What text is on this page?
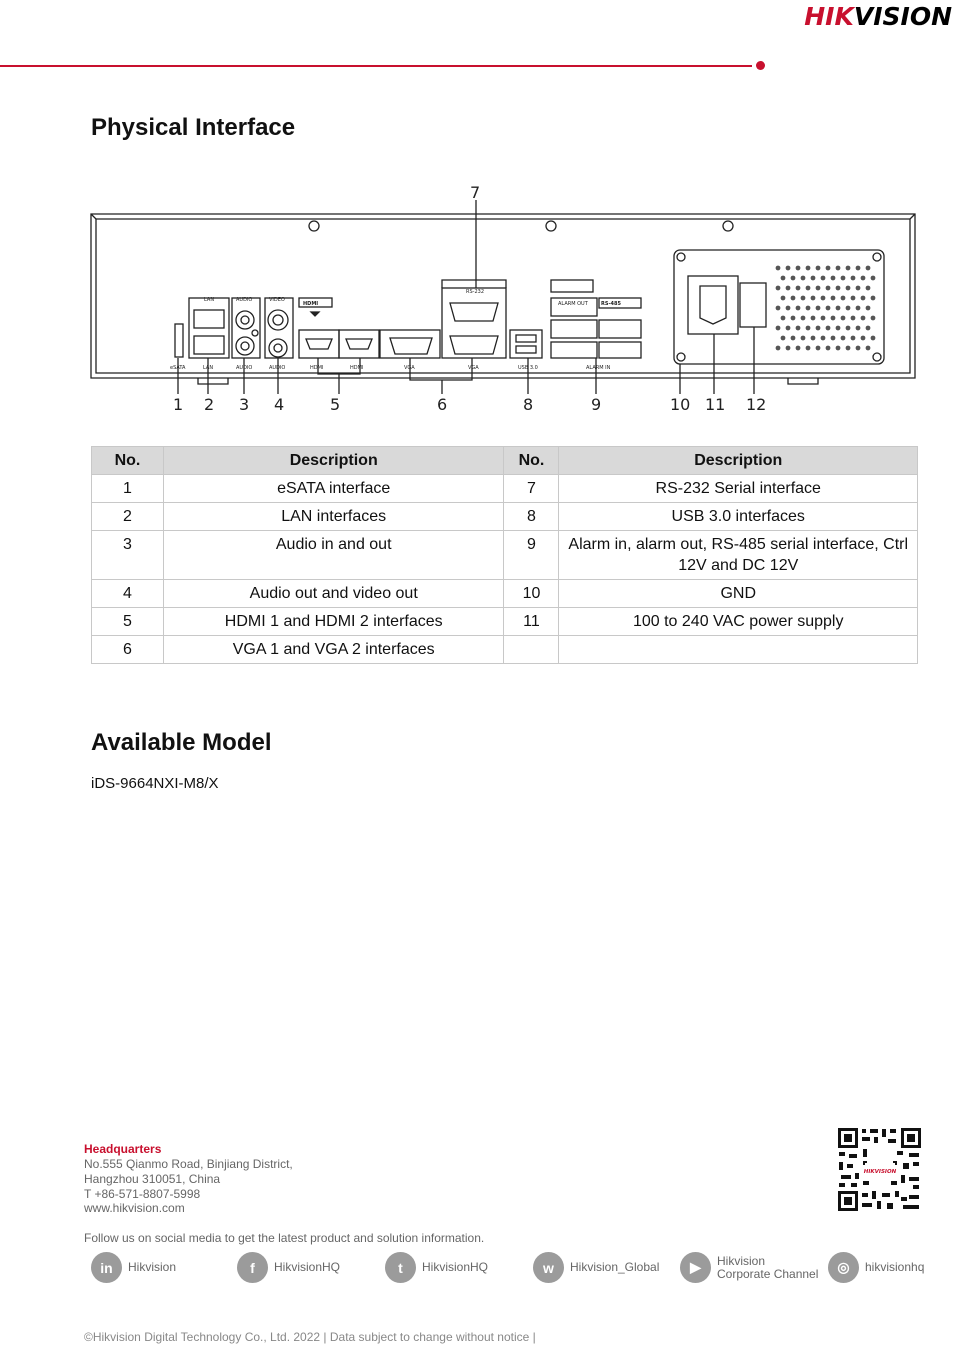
HIKVISION
Physical Interface
LAN	AUDIO	VIDEO
HDMI
eSATA	LAN	AUDIO	AUDIO	HDMI	HDMI	VGA	VGA
RS-232
USB 3.0
ALARM OUT	RS-485
ALARM IN
7
1 2 3 4	5	6	8	9	10 11 12
No.	Description	No.	Description
1	eSATA interface	7	RS-232 Serial interface
2	LAN interfaces	8	USB 3.0 interfaces
3	Audio in and out	9	Alarm in, alarm out, RS-485 serial interface, Ctrl 12V and DC 12V
4	Audio out and video out	10	GND
5	HDMI 1 and HDMI 2 interfaces	11	100 to 240 VAC power supply
6	VGA 1 and VGA 2 interfaces		
Available Model
iDS-9664NXI-M8/X
Headquarters
No.555 Qianmo Road, Binjiang District,
Hangzhou 310051, China
T +86-571-8807-5998
www.hikvision.com
HIKVISION
Follow us on social media to get the latest product and solution information.
in	Hikvision	f	HikvisionHQ	t	HikvisionHQ	w	Hikvision_Global	▶	Hikvision
Corporate Channel	◎	hikvisionhq
©Hikvision Digital Technology Co., Ltd. 2022 | Data subject to change without notice |
